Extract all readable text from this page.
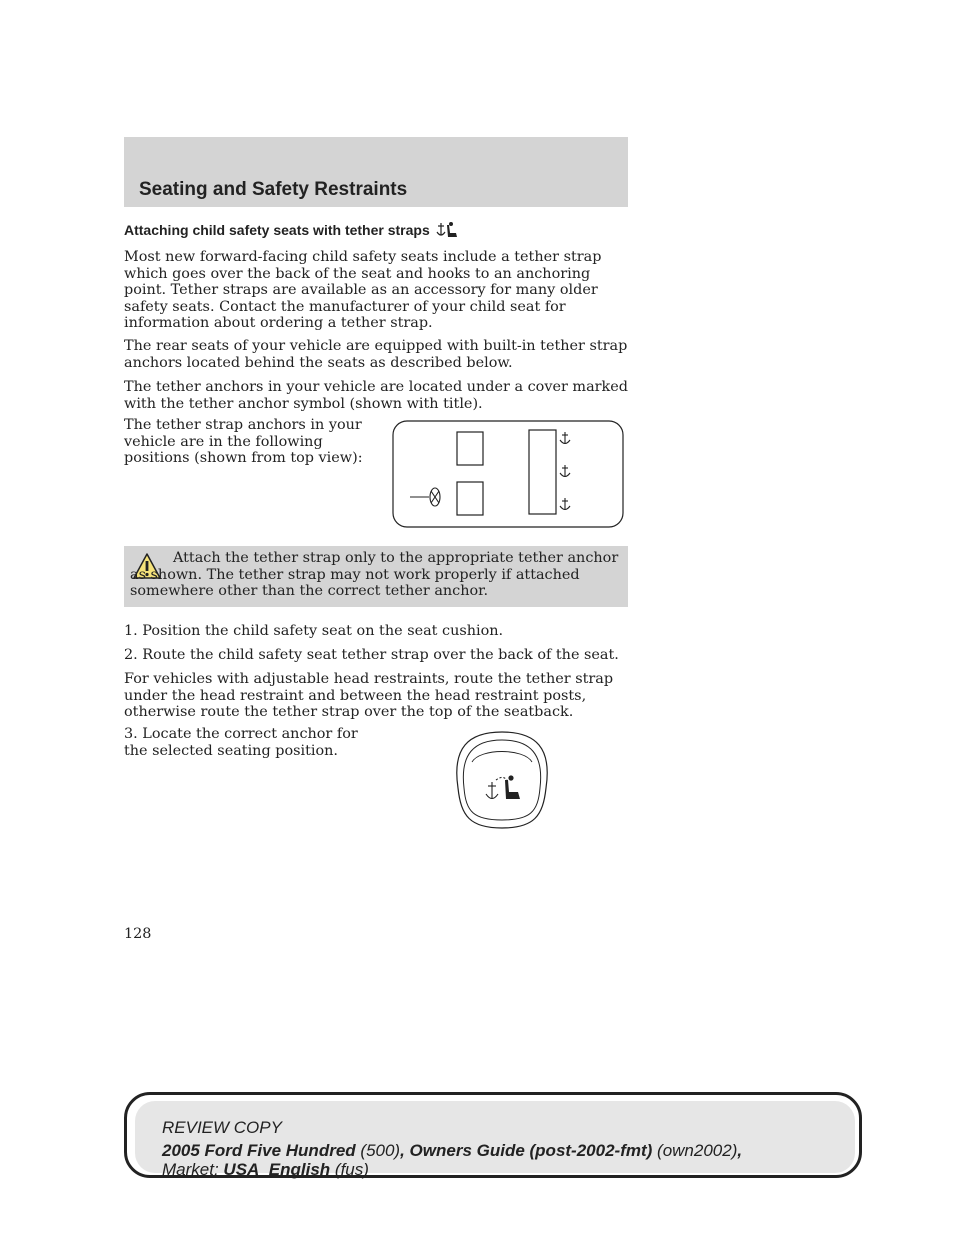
Seating and Safety Restraints
Attaching child safety seats with tether straps

Most new forward-facing child safety seats include a tether strap which goes over the back of the seat and hooks to an anchoring point. Tether straps are available as an accessory for many older safety seats. Contact the manufacturer of your child seat for information about ordering a tether strap.

The rear seats of your vehicle are equipped with built-in tether strap anchors located behind the seats as described below.

The tether anchors in your vehicle are located under a cover marked with the tether anchor symbol (shown with title).

The tether strap anchors in your vehicle are in the following positions (shown from top view):

Attach the tether strap only to the appropriate tether anchor as shown. The tether strap may not work properly if attached somewhere other than the correct tether anchor.

1. Position the child safety seat on the seat cushion.

2. Route the child safety seat tether strap over the back of the seat.

For vehicles with adjustable head restraints, route the tether strap under the head restraint and between the head restraint posts, otherwise route the tether strap over the top of the seatback.

3. Locate the correct anchor for the selected seating position.

128

REVIEW COPY

2005 Ford Five Hundred (500), Owners Guide (post-2002-fmt) (own2002),

Market: USA_English (fus)
